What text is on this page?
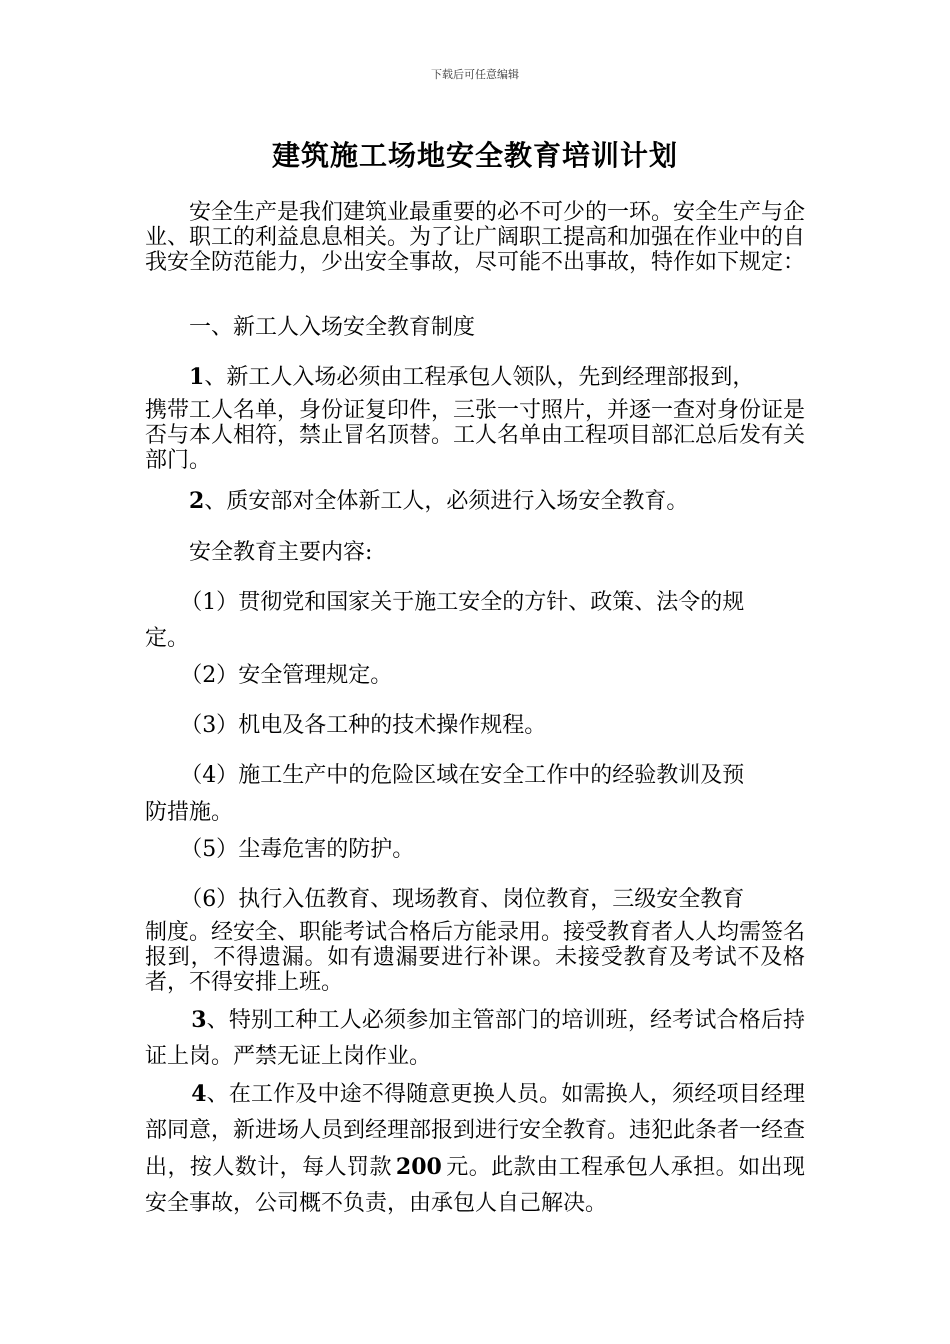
下载后可任意编辑
建筑施工场地安全教育培训计划
安全生产是我们建筑业最重要的必不可少的一环。安全生产与企业、职工的利益息息相关。为了让广阔职工提高和加强在作业中的自我安全防范能力，少出安全事故，尽可能不出事故，特作如下规定：
一、新工人入场安全教育制度
1、新工人入场必须由工程承包人领队，先到经理部报到，
携带工人名单，身份证复印件，三张一寸照片，并逐一查对身份证是否与本人相符，禁止冒名顶替。工人名单由工程项目部汇总后发有关部门。
2、质安部对全体新工人，必须进行入场安全教育。
安全教育主要内容:
（1）贯彻党和国家关于施工安全的方针、政策、法令的规
定。
（2）安全管理规定。
（3）机电及各工种的技术操作规程。
（4）施工生产中的危险区域在安全工作中的经验教训及预
防措施。
（5）尘毒危害的防护。
（6）执行入伍教育、现场教育、岗位教育，三级安全教育
制度。经安全、职能考试合格后方能录用。接受教育者人人均需签名报到，不得遗漏。如有遗漏要进行补课。未接受教育及考试不及格者，不得安排上班。
3、特别工种工人必须参加主管部门的培训班，经考试合格后持证上岗。严禁无证上岗作业。
4、在工作及中途不得随意更换人员。如需换人，须经项目经理部同意，新进场人员到经理部报到进行安全教育。违犯此条者一经查出，按人数计，每人罚款 200 元。此款由工程承包人承担。如出现安全事故，公司概不负责，由承包人自己解决。
